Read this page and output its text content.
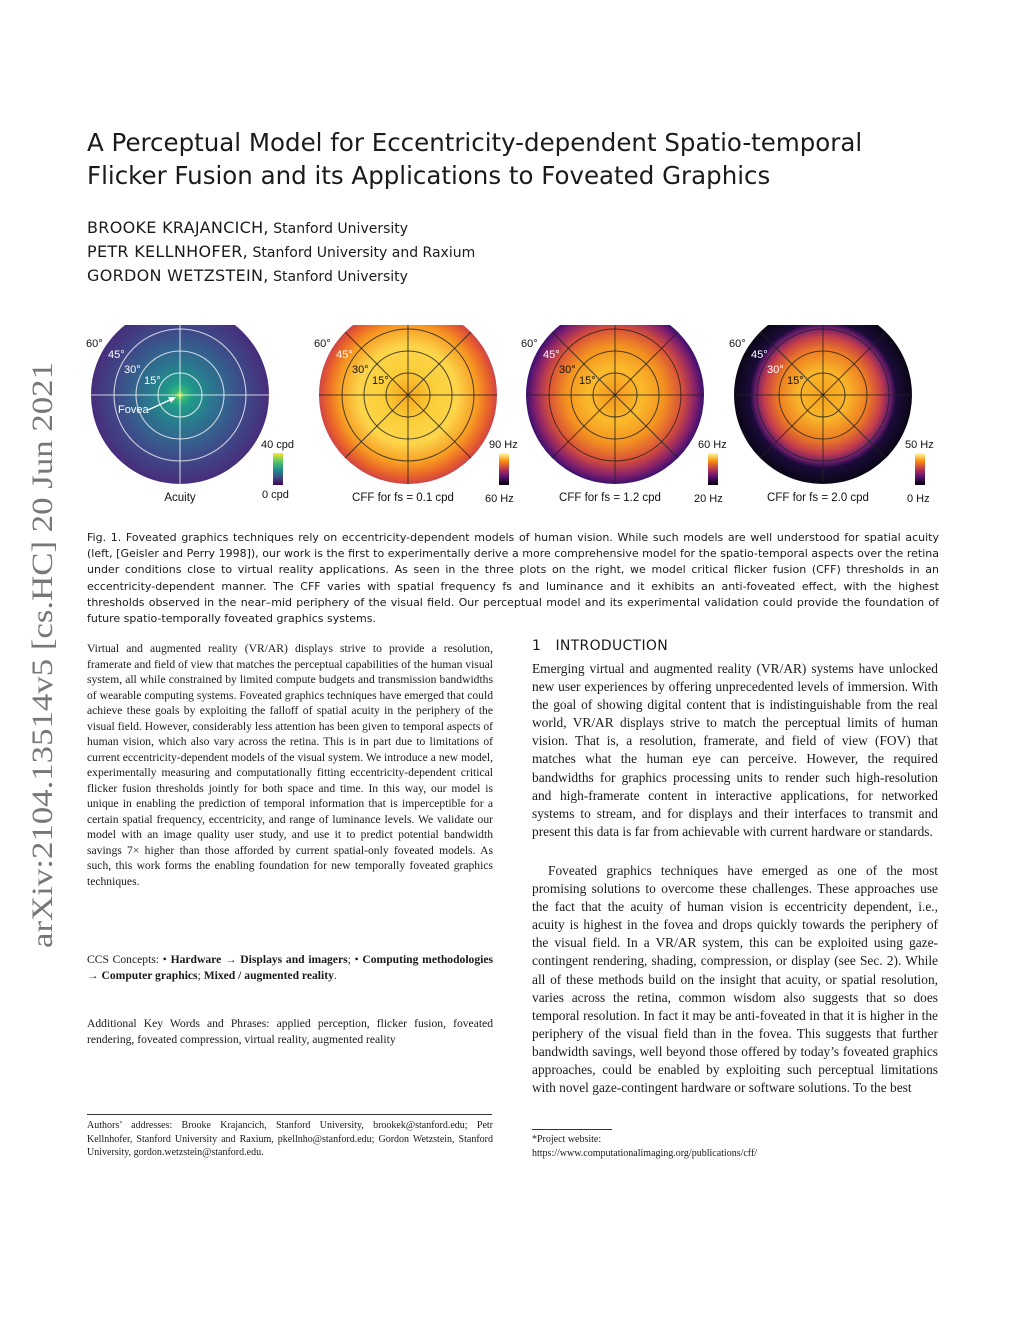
arXiv:2104.13514v5 [cs.HC] 20 Jun 2021
A Perceptual Model for Eccentricity-dependent Spatio-temporal Flicker Fusion and its Applications to Foveated Graphics
BROOKE KRAJANCICH, Stanford University
PETR KELLNHOFER, Stanford University and Raxium
GORDON WETZSTEIN, Stanford University
60°
45°
30°
15°
Fovea
40 cpd
0 cpd
Acuity
60°
45°
30°
15°
90 Hz
60 Hz
CFF for fs = 0.1 cpd
60°
45°
30°
15°
60 Hz
20 Hz
CFF for fs = 1.2 cpd
60°
45°
30°
15°
50 Hz
0 Hz
CFF for fs = 2.0 cpd

Fig. 1. Foveated graphics techniques rely on eccentricity-dependent models of human vision. While such models are well understood for spatial acuity (left, [Geisler and Perry 1998]), our work is the first to experimentally derive a more comprehensive model for the spatio-temporal aspects over the retina under conditions close to virtual reality applications. As seen in the three plots on the right, we model critical flicker fusion (CFF) thresholds in an eccentricity-dependent manner. The CFF varies with spatial frequency fs and luminance and it exhibits an anti-foveated effect, with the highest thresholds observed in the near–mid periphery of the visual field. Our perceptual model and its experimental validation could provide the foundation of future spatio-temporally foveated graphics systems.

Virtual and augmented reality (VR/AR) displays strive to provide a resolution, framerate and field of view that matches the perceptual capabilities of the human visual system, all while constrained by limited compute budgets and transmission bandwidths of wearable computing systems. Foveated graphics techniques have emerged that could achieve these goals by exploiting the falloff of spatial acuity in the periphery of the visual field. However, considerably less attention has been given to temporal aspects of human vision, which also vary across the retina. This is in part due to limitations of current eccentricity-dependent models of the visual system. We introduce a new model, experimentally measuring and computationally fitting eccentricity-dependent critical flicker fusion thresholds jointly for both space and time. In this way, our model is unique in enabling the prediction of temporal information that is imperceptible for a certain spatial frequency, eccentricity, and range of luminance levels. We validate our model with an image quality user study, and use it to predict potential bandwidth savings 7× higher than those afforded by current spatial-only foveated models. As such, this work forms the enabling foundation for new temporally foveated graphics techniques.

CCS Concepts: • Hardware → Displays and imagers; • Computing methodologies → Computer graphics; Mixed / augmented reality.

Additional Key Words and Phrases: applied perception, flicker fusion, foveated rendering, foveated compression, virtual reality, augmented reality

Authors’ addresses: Brooke Krajancich, Stanford University, brookek@stanford.edu; Petr Kellnhofer, Stanford University and Raxium, pkellnho@stanford.edu; Gordon Wetzstein, Stanford University, gordon.wetzstein@stanford.edu.

1 INTRODUCTION

Emerging virtual and augmented reality (VR/AR) systems have unlocked new user experiences by offering unprecedented levels of immersion. With the goal of showing digital content that is indistinguishable from the real world, VR/AR displays strive to match the perceptual limits of human vision. That is, a resolution, framerate, and field of view (FOV) that matches what the human eye can perceive. However, the required bandwidths for graphics processing units to render such high-resolution and high-framerate content in interactive applications, for networked systems to stream, and for displays and their interfaces to transmit and present this data is far from achievable with current hardware or standards.

Foveated graphics techniques have emerged as one of the most promising solutions to overcome these challenges. These approaches use the fact that the acuity of human vision is eccentricity dependent, i.e., acuity is highest in the fovea and drops quickly towards the periphery of the visual field. In a VR/AR system, this can be exploited using gaze-contingent rendering, shading, compression, or display (see Sec. 2). While all of these methods build on the insight that acuity, or spatial resolution, varies across the retina, common wisdom also suggests that so does temporal resolution. In fact it may be anti-foveated in that it is higher in the periphery of the visual field than in the fovea. This suggests that further bandwidth savings, well beyond those offered by today’s foveated graphics approaches, could be enabled by exploiting such perceptual limitations with novel gaze-contingent hardware or software solutions. To the best

*Project website:
https://www.computationalimaging.org/publications/cff/
